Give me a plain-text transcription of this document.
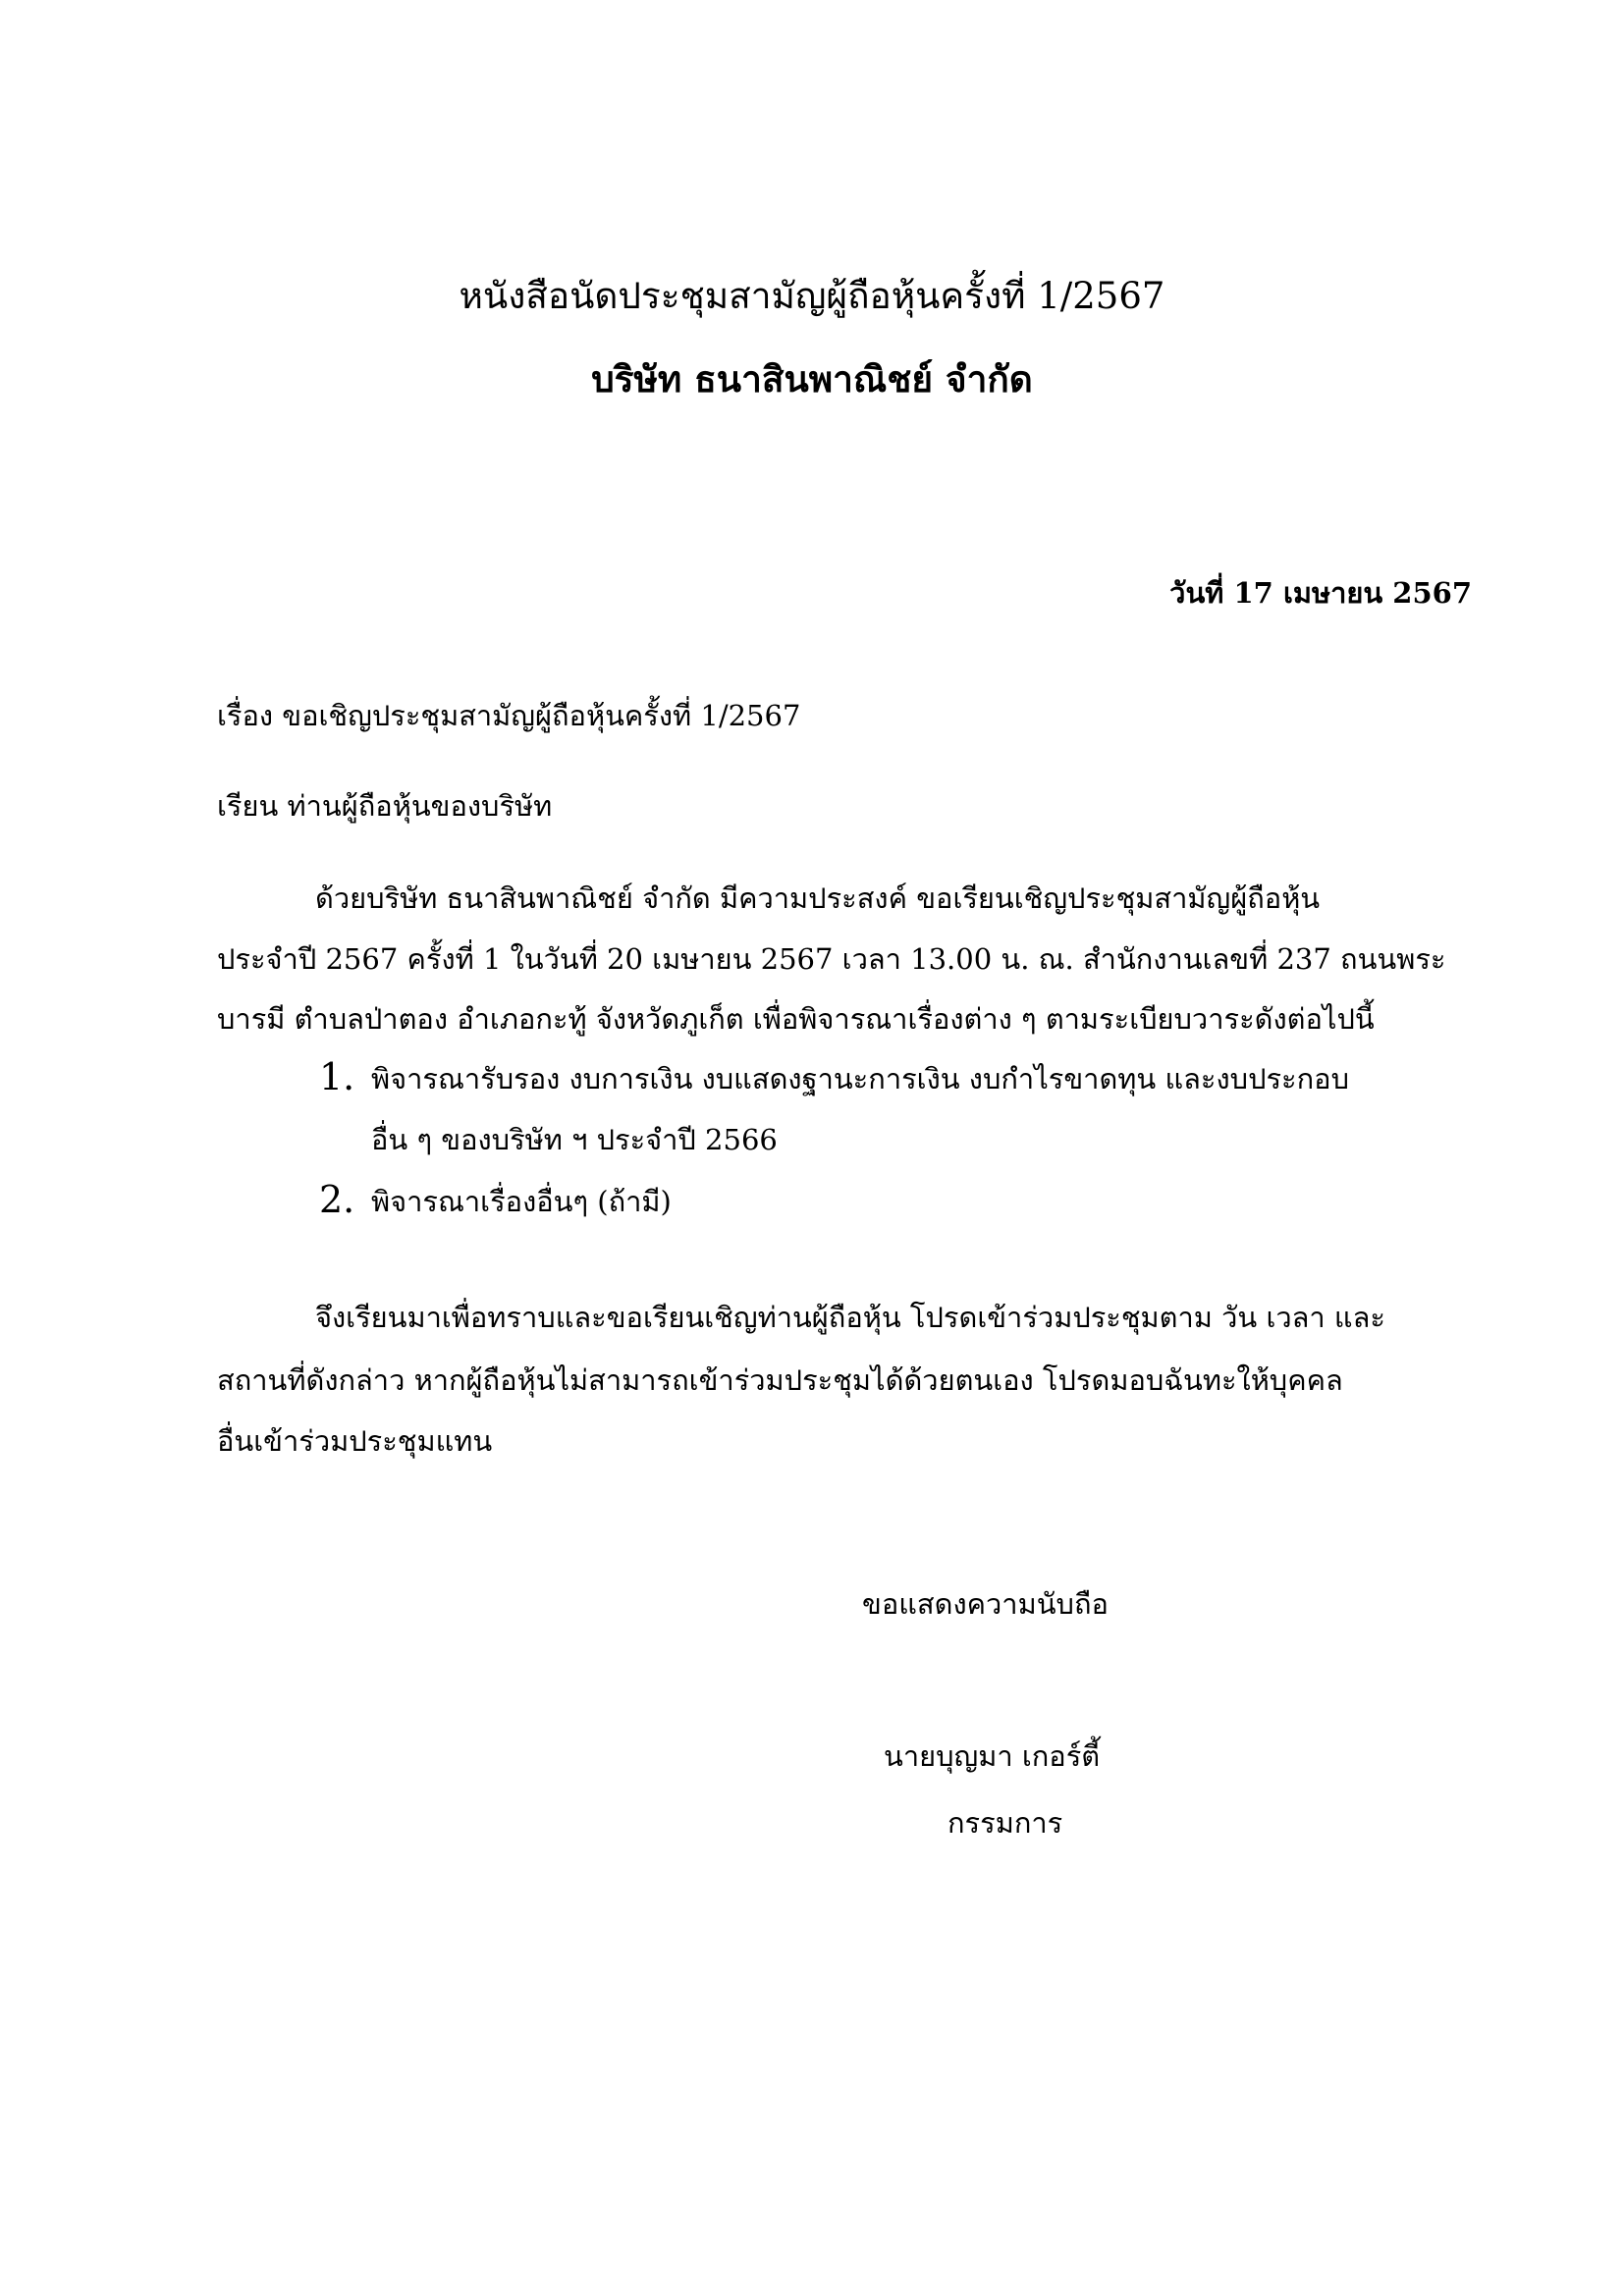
หนังสือนัดประชุมสามัญผู้ถือหุ้นครั้งที่ 1/2567
บริษัท ธนาสินพาณิชย์ จำกัด
วันที่ 17 เมษายน 2567
เรื่อง ขอเชิญประชุมสามัญผู้ถือหุ้นครั้งที่ 1/2567
เรียน ท่านผู้ถือหุ้นของบริษัท
ด้วยบริษัท ธนาสินพาณิชย์ จำกัด มีความประสงค์ ขอเรียนเชิญประชุมสามัญผู้ถือหุ้น
ประจำปี 2567 ครั้งที่ 1 ในวันที่ 20 เมษายน 2567 เวลา 13.00 น. ณ. สำนักงานเลขที่ 237 ถนนพระ
บารมี ตำบลป่าตอง อำเภอกะทู้ จังหวัดภูเก็ต เพื่อพิจารณาเรื่องต่าง ๆ ตามระเบียบวาระดังต่อไปนี้
1. พิจารณารับรอง งบการเงิน งบแสดงฐานะการเงิน งบกำไรขาดทุน และงบประกอบ
อื่น ๆ ของบริษัท ฯ ประจำปี 2566
2. พิจารณาเรื่องอื่นๆ (ถ้ามี)
จึงเรียนมาเพื่อทราบและขอเรียนเชิญท่านผู้ถือหุ้น โปรดเข้าร่วมประชุมตาม วัน เวลา และ
สถานที่ดังกล่าว หากผู้ถือหุ้นไม่สามารถเข้าร่วมประชุมได้ด้วยตนเอง โปรดมอบฉันทะให้บุคคล
อื่นเข้าร่วมประชุมแทน
ขอแสดงความนับถือ
นายบุญมา เกอร์ตี้
กรรมการ
